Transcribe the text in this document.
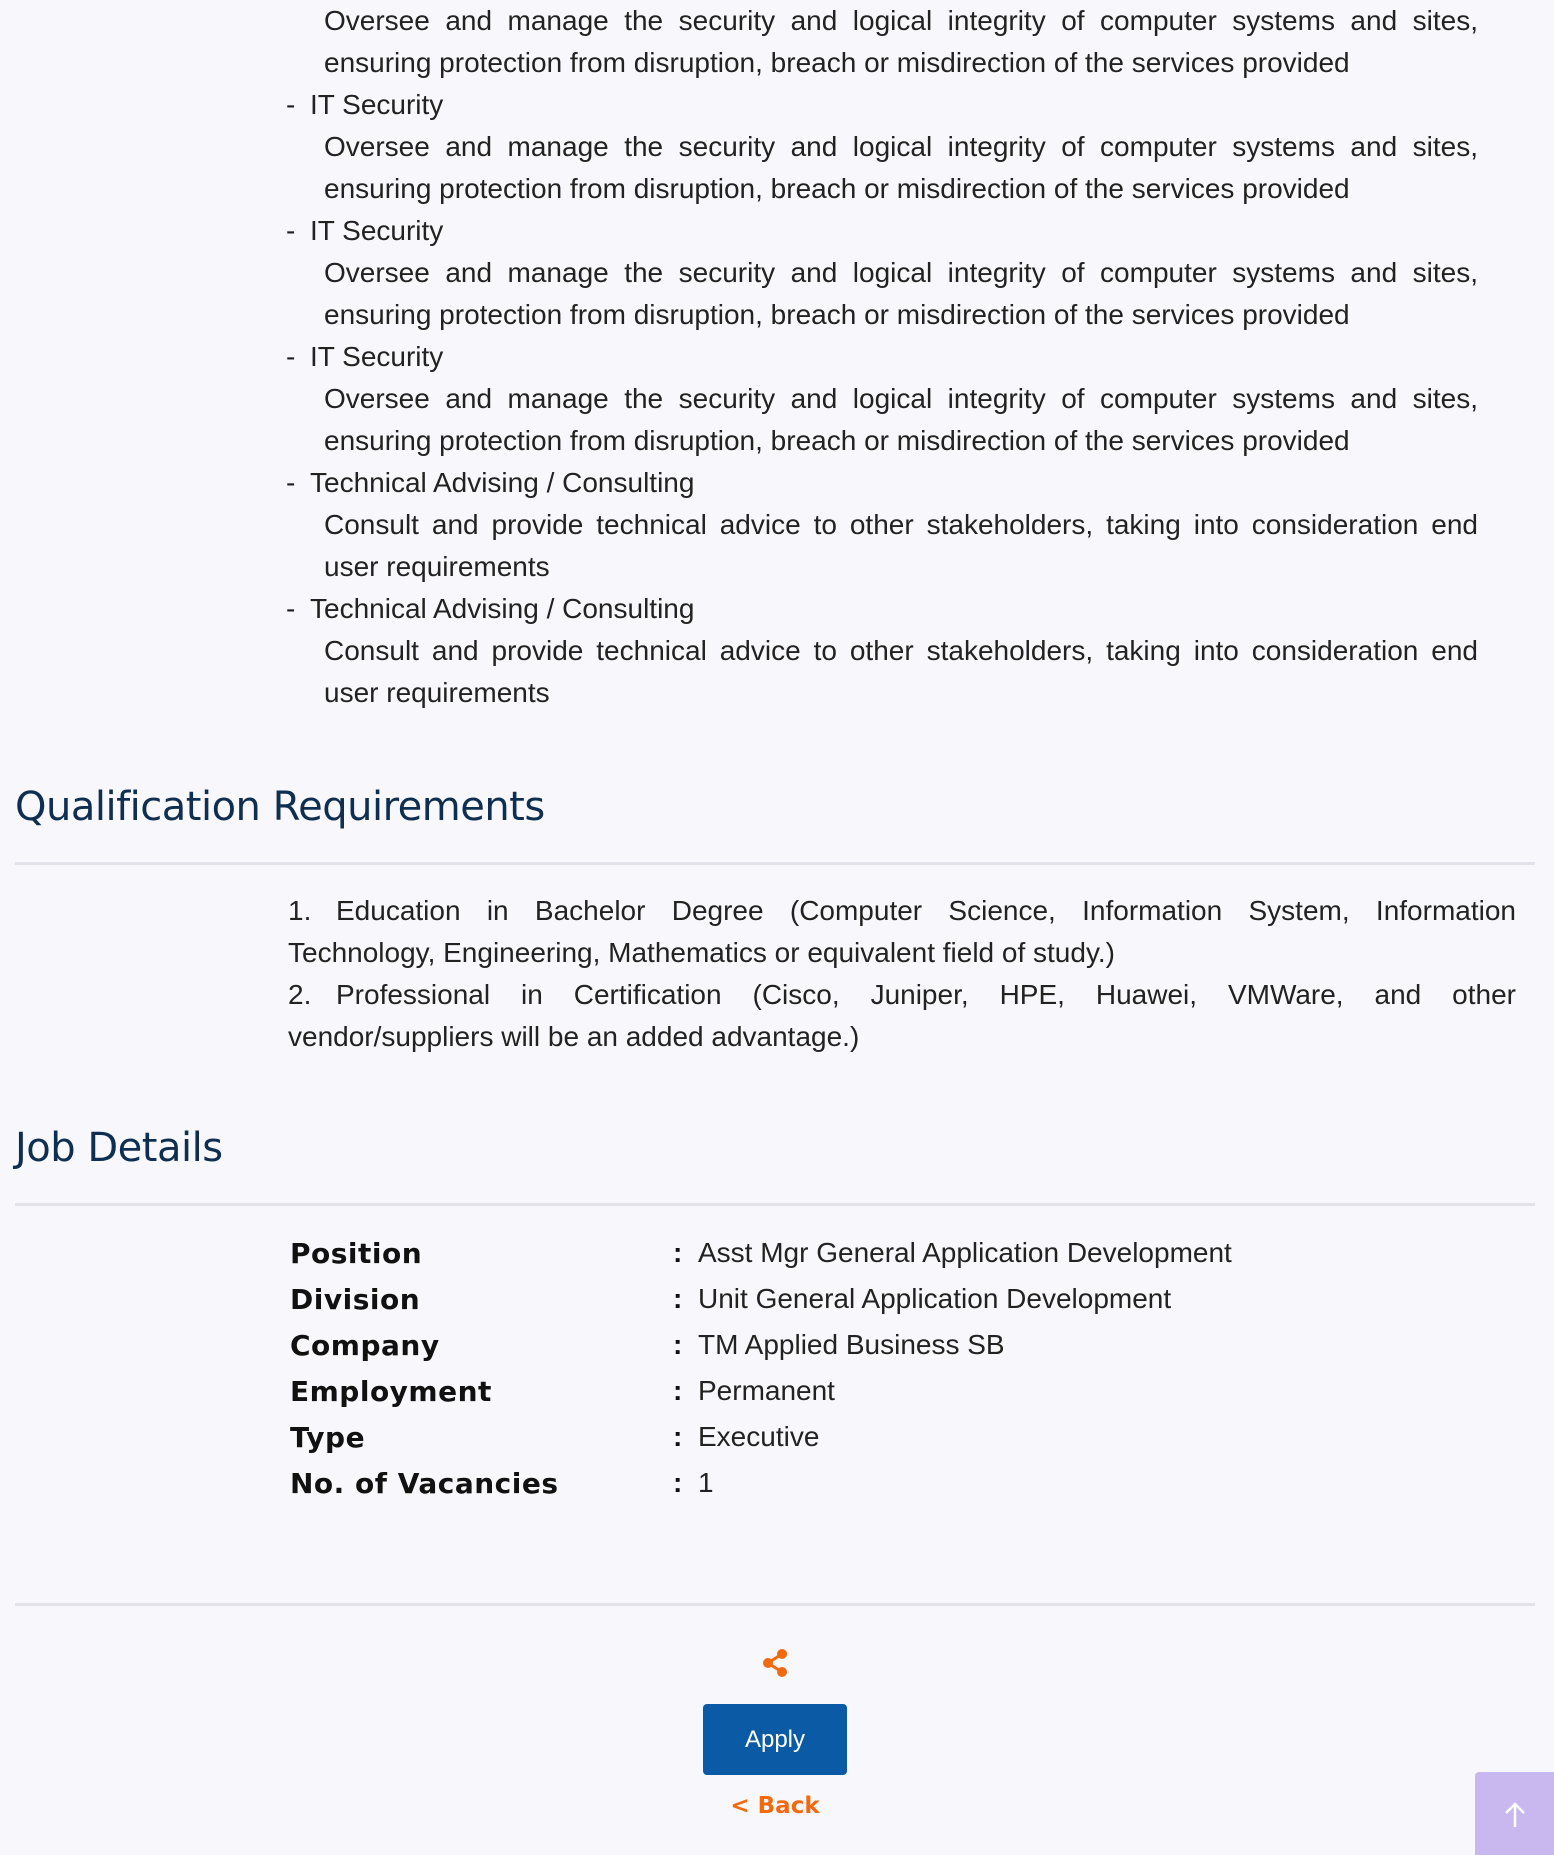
Oversee and manage the security and logical integrity of computer systems and sites, ensuring protection from disruption, breach or misdirection of the services provided
- IT Security
Oversee and manage the security and logical integrity of computer systems and sites, ensuring protection from disruption, breach or misdirection of the services provided
- IT Security
Oversee and manage the security and logical integrity of computer systems and sites, ensuring protection from disruption, breach or misdirection of the services provided
- IT Security
Oversee and manage the security and logical integrity of computer systems and sites, ensuring protection from disruption, breach or misdirection of the services provided
- Technical Advising / Consulting
Consult and provide technical advice to other stakeholders, taking into consideration end user requirements
- Technical Advising / Consulting
Consult and provide technical advice to other stakeholders, taking into consideration end user requirements
Qualification Requirements
1. Education in Bachelor Degree (Computer Science, Information System, Information Technology, Engineering, Mathematics or equivalent field of study.)
2. Professional in Certification (Cisco, Juniper, HPE, Huawei, VMWare, and other vendor/suppliers will be an added advantage.)
Job Details
Position	:	Asst Mgr General Application Development
Division	:	Unit General Application Development
Company	:	TM Applied Business SB
Employment	:	Permanent
Type	:	Executive
No. of Vacancies	:	1
Apply
< Back
